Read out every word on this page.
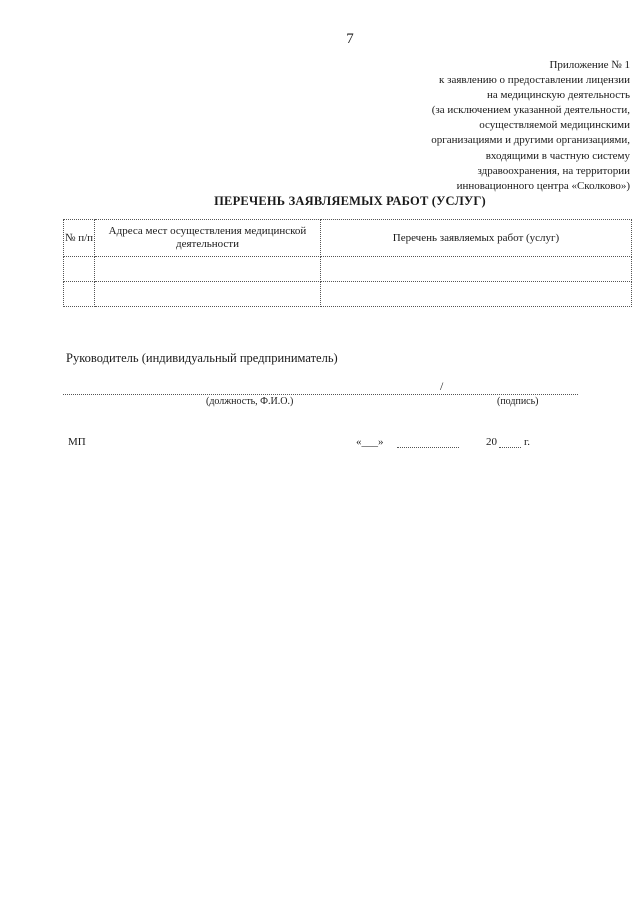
7
Приложение № 1
к заявлению о предоставлении лицензии
на медицинскую деятельность
(за исключением указанной деятельности,
осуществляемой медицинскими
организациями и другими организациями,
входящими в частную систему
здравоохранения, на территории
инновационного центра «Сколково»)
ПЕРЕЧЕНЬ ЗАЯВЛЯЕМЫХ РАБОТ (УСЛУГ)
№ п/п	Адреса мест осуществления медицинской деятельности	Перечень заявляемых работ (услуг)

Руководитель (индивидуальный предприниматель)
/
(должность, Ф.И.О.)	(подпись)
МП	«___»	20 г.
